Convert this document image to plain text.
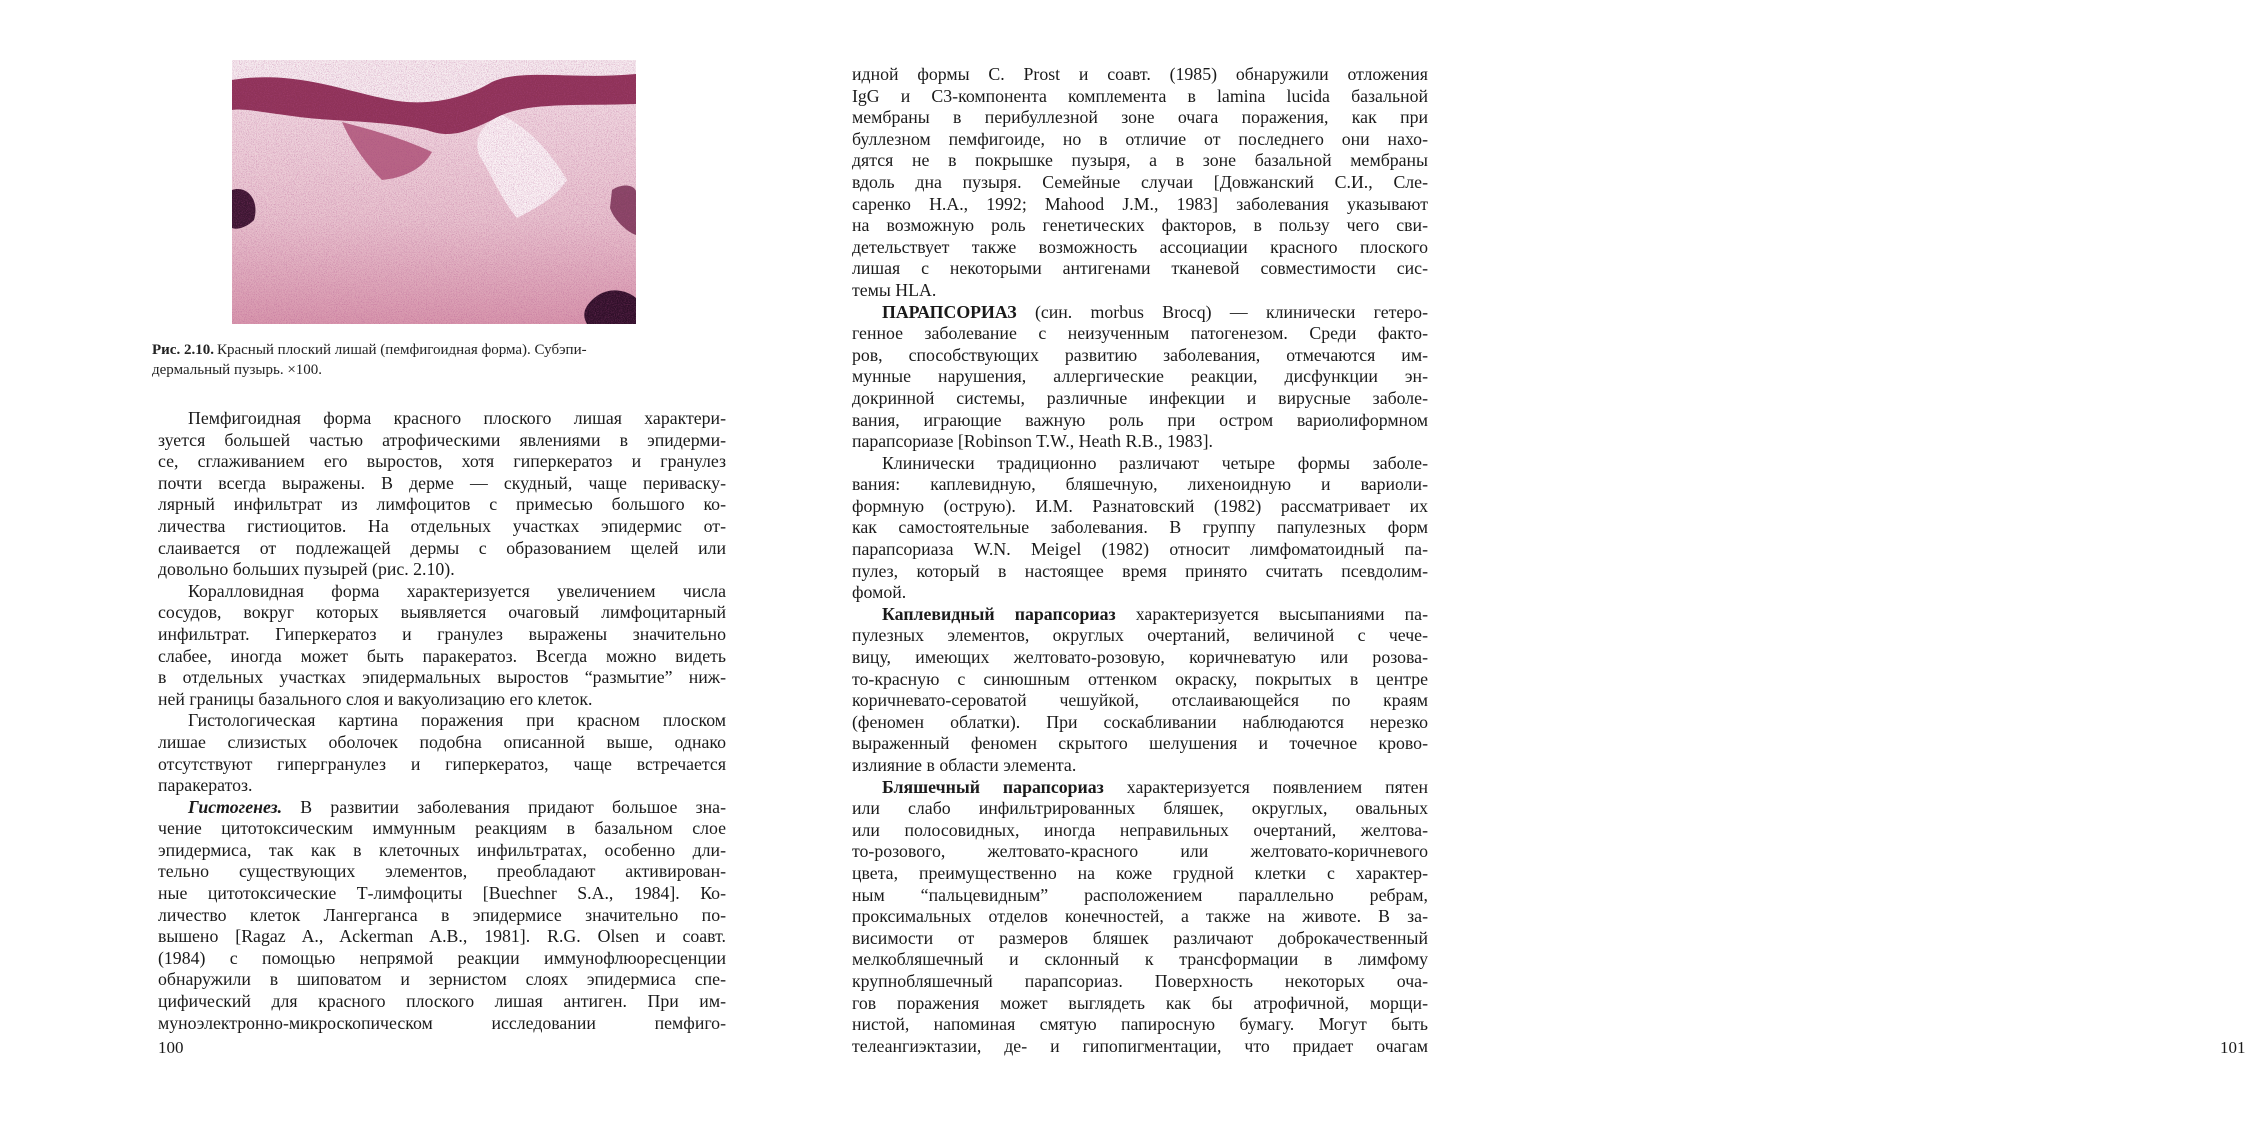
Рис. 2.10. Красный плоский лишай (пемфигоидная форма). Субэпи-
дермальный пузырь. ×100.
Пемфигоидная форма красного плоского лишая характери-
зуется большей частью атрофическими явлениями в эпидерми-
се, сглаживанием его выростов, хотя гиперкератоз и гранулез
почти всегда выражены. В дерме — скудный, чаще периваску-
лярный инфильтрат из лимфоцитов с примесью большого ко-
личества гистиоцитов. На отдельных участках эпидермис от-
слаивается от подлежащей дермы с образованием щелей или
довольно больших пузырей (рис. 2.10).
Коралловидная форма характеризуется увеличением числа
сосудов, вокруг которых выявляется очаговый лимфоцитарный
инфильтрат. Гиперкератоз и гранулез выражены значительно
слабее, иногда может быть паракератоз. Всегда можно видеть
в отдельных участках эпидермальных выростов “размытие” ниж-
ней границы базального слоя и вакуолизацию его клеток.
Гистологическая картина поражения при красном плоском
лишае слизистых оболочек подобна описанной выше, однако
отсутствуют гипергранулез и гиперкератоз, чаще встречается
паракератоз.
Гистогенез. В развитии заболевания придают большое зна-
чение цитотоксическим иммунным реакциям в базальном слое
эпидермиса, так как в клеточных инфильтратах, особенно дли-
тельно существующих элементов, преобладают активирован-
ные цитотоксические Т-лимфоциты [Buechner S.A., 1984]. Ко-
личество клеток Лангерганса в эпидермисе значительно по-
вышено [Ragaz A., Ackerman A.B., 1981]. R.G. Olsen и соавт.
(1984) с помощью непрямой реакции иммунофлюоресценции
обнаружили в шиповатом и зернистом слоях эпидермиса спе-
цифический для красного плоского лишая антиген. При им-
муноэлектронно-микроскопическом исследовании пемфиго-
100	101
идной формы C. Prost и соавт. (1985) обнаружили отложения
IgG и C3-компонента комплемента в lamina lucida базальной
мембраны в перибуллезной зоне очага поражения, как при
буллезном пемфигоиде, но в отличие от последнего они нахо-
дятся не в покрышке пузыря, а в зоне базальной мембраны
вдоль дна пузыря. Семейные случаи [Довжанский С.И., Сле-
саренко Н.А., 1992; Mahood J.M., 1983] заболевания указывают
на возможную роль генетических факторов, в пользу чего сви-
детельствует также возможность ассоциации красного плоского
лишая с некоторыми антигенами тканевой совместимости сис-
темы HLA.
ПАРАПСОРИАЗ (син. morbus Brocq) — клинически гетеро-
генное заболевание с неизученным патогенезом. Среди факто-
ров, способствующих развитию заболевания, отмечаются им-
мунные нарушения, аллергические реакции, дисфункции эн-
докринной системы, различные инфекции и вирусные заболе-
вания, играющие важную роль при остром вариолиформном
парапсориазе [Robinson T.W., Heath R.B., 1983].
Клинически традиционно различают четыре формы заболе-
вания: каплевидную, бляшечную, лихеноидную и вариоли-
формную (острую). И.М. Разнатовский (1982) рассматривает их
как самостоятельные заболевания. В группу папулезных форм
парапсориаза W.N. Meigel (1982) относит лимфоматоидный па-
пулез, который в настоящее время принято считать псевдолим-
фомой.
Каплевидный парапсориаз характеризуется высыпаниями па-
пулезных элементов, округлых очертаний, величиной с чече-
вицу, имеющих желтовато-розовую, коричневатую или розова-
то-красную с синюшным оттенком окраску, покрытых в центре
коричневато-сероватой чешуйкой, отслаивающейся по краям
(феномен облатки). При соскабливании наблюдаются нерезко
выраженный феномен скрытого шелушения и точечное крово-
излияние в области элемента.
Бляшечный парапсориаз характеризуется появлением пятен
или слабо инфильтрированных бляшек, округлых, овальных
или полосовидных, иногда неправильных очертаний, желтова-
то-розового, желтовато-красного или желтовато-коричневого
цвета, преимущественно на коже грудной клетки с характер-
ным “пальцевидным” расположением параллельно ребрам,
проксимальных отделов конечностей, а также на животе. В за-
висимости от размеров бляшек различают доброкачественный
мелкобляшечный и склонный к трансформации в лимфому
крупнобляшечный парапсориаз. Поверхность некоторых оча-
гов поражения может выглядеть как бы атрофичной, морщи-
нистой, напоминая смятую папиросную бумагу. Могут быть
телеангиэктазии, де- и гипопигментации, что придает очагам
